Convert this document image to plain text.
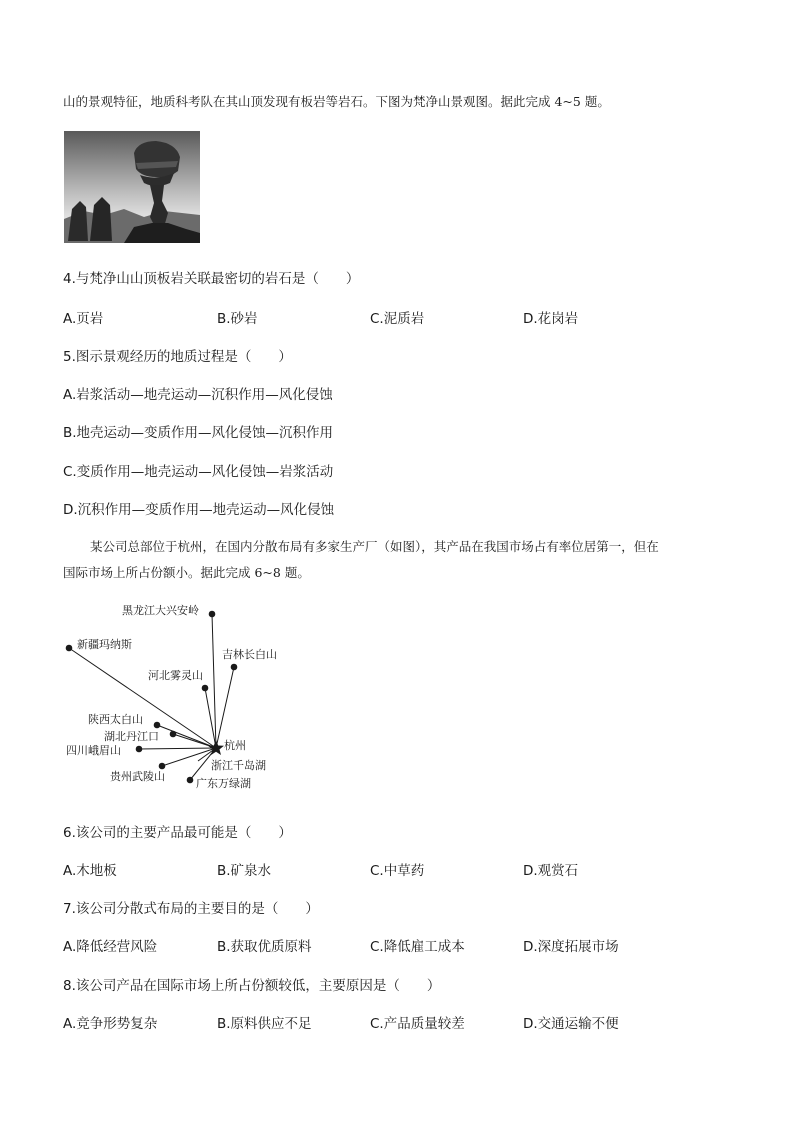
山的景观特征，地质科考队在其山顶发现有板岩等岩石。下图为梵净山景观图。据此完成 4~5 题。
4.与梵净山山顶板岩关联最密切的岩石是（　　）
A.页岩	B.砂岩	C.泥质岩	D.花岗岩
5.图示景观经历的地质过程是（　　）
A.岩浆活动—地壳运动—沉积作用—风化侵蚀
B.地壳运动—变质作用—风化侵蚀—沉积作用
C.变质作用—地壳运动—风化侵蚀—岩浆活动
D.沉积作用—变质作用—地壳运动—风化侵蚀
某公司总部位于杭州，在国内分散布局有多家生产厂（如图），其产品在我国市场占有率位居第一，但在
国际市场上所占份额小。据此完成 6~8 题。
黑龙江大兴安岭
新疆玛纳斯
吉林长白山
河北雾灵山
陕西太白山
湖北丹江口
四川峨眉山
贵州武陵山
杭州
浙江千岛湖
广东万绿湖
6.该公司的主要产品最可能是（　　）
A.木地板	B.矿泉水	C.中草药	D.观赏石
7.该公司分散式布局的主要目的是（　　）
A.降低经营风险	B.获取优质原料	C.降低雇工成本	D.深度拓展市场
8.该公司产品在国际市场上所占份额较低，主要原因是（　　）
A.竞争形势复杂	B.原料供应不足	C.产品质量较差	D.交通运输不便
